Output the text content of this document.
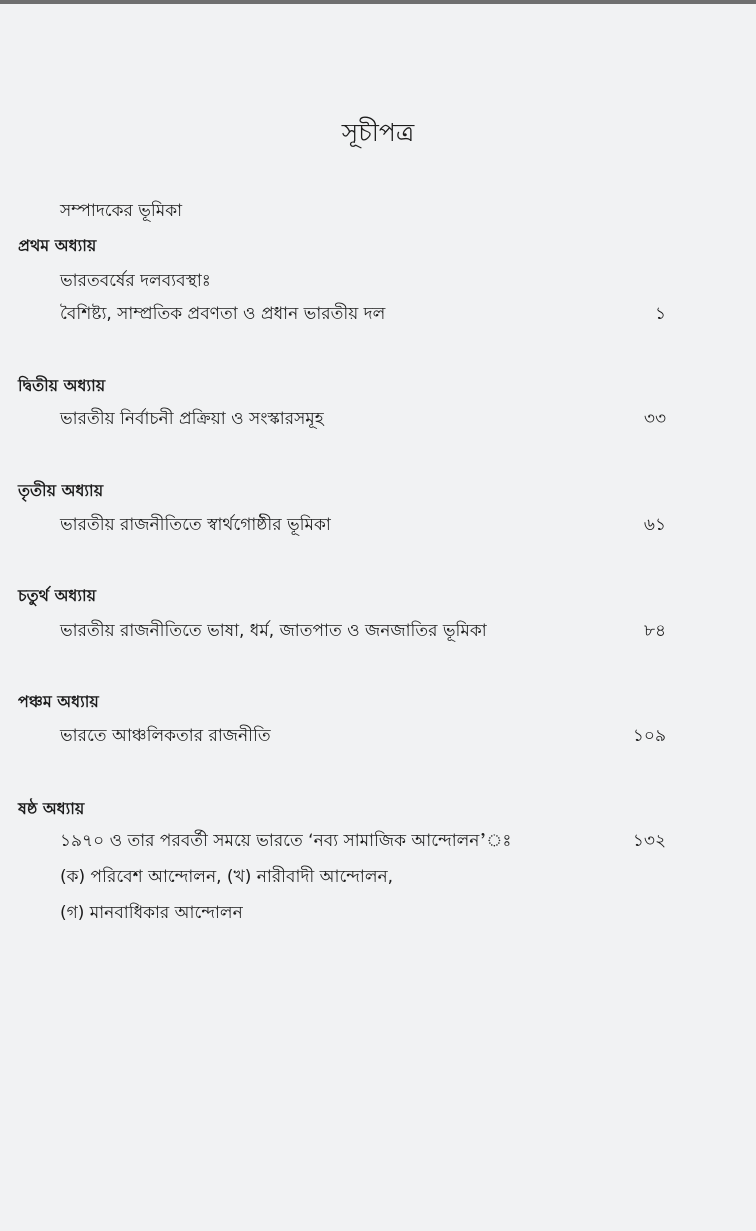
সূচীপত্র
সম্পাদকের ভূমিকা
প্রথম অধ্যায়
ভারতবর্ষের দলব্যবস্থাঃ
বৈশিষ্ট্য, সাম্প্রতিক প্রবণতা ও প্রধান ভারতীয় দল	১
দ্বিতীয় অধ্যায়
ভারতীয় নির্বাচনী প্রক্রিয়া ও সংস্কারসমূহ	৩৩
তৃতীয় অধ্যায়
ভারতীয় রাজনীতিতে স্বার্থগোষ্ঠীর ভূমিকা	৬১
চতুর্থ অধ্যায়
ভারতীয় রাজনীতিতে ভাষা, ধর্ম, জাতপাত ও জনজাতির ভূমিকা	৮৪
পঞ্চম অধ্যায়
ভারতে আঞ্চলিকতার রাজনীতি	১০৯
ষষ্ঠ অধ্যায়
১৯৭০ ও তার পরবর্তী সময়ে ভারতে ‘নব্য সামাজিক আন্দোলন’ঃ	১৩২
(ক) পরিবেশ আন্দোলন, (খ) নারীবাদী আন্দোলন,
(গ) মানবাধিকার আন্দোলন
